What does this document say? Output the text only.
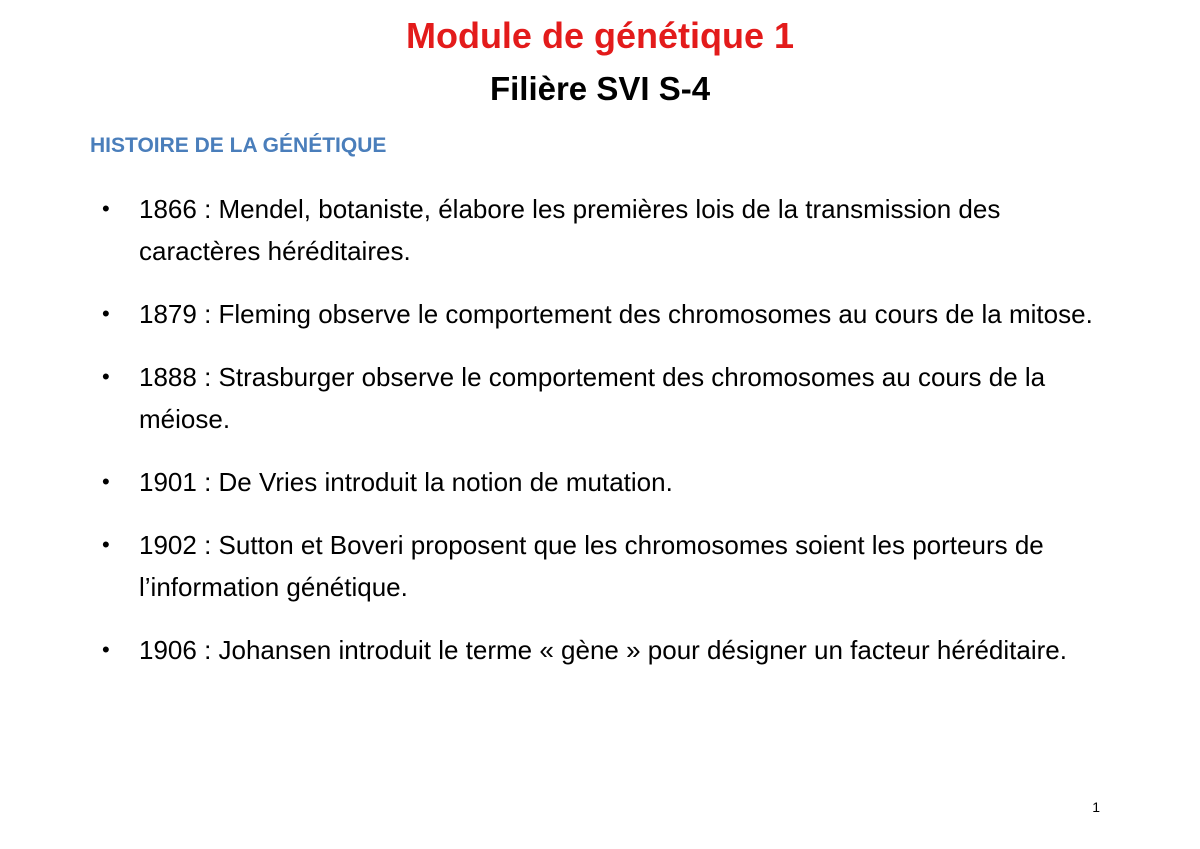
Module de génétique 1
Filière SVI S-4
HISTOIRE DE LA GÉNÉTIQUE
• 1866 : Mendel, botaniste, élabore les premières lois de la transmission des caractères héréditaires.
• 1879 : Fleming observe le comportement des chromosomes au cours de la mitose.
• 1888 : Strasburger observe le comportement des chromosomes au cours de la méiose.
• 1901 : De Vries introduit la notion de mutation.
• 1902 : Sutton et Boveri proposent que les chromosomes soient les porteurs de l’information génétique.
• 1906 : Johansen introduit le terme « gène » pour désigner un facteur héréditaire.
1
